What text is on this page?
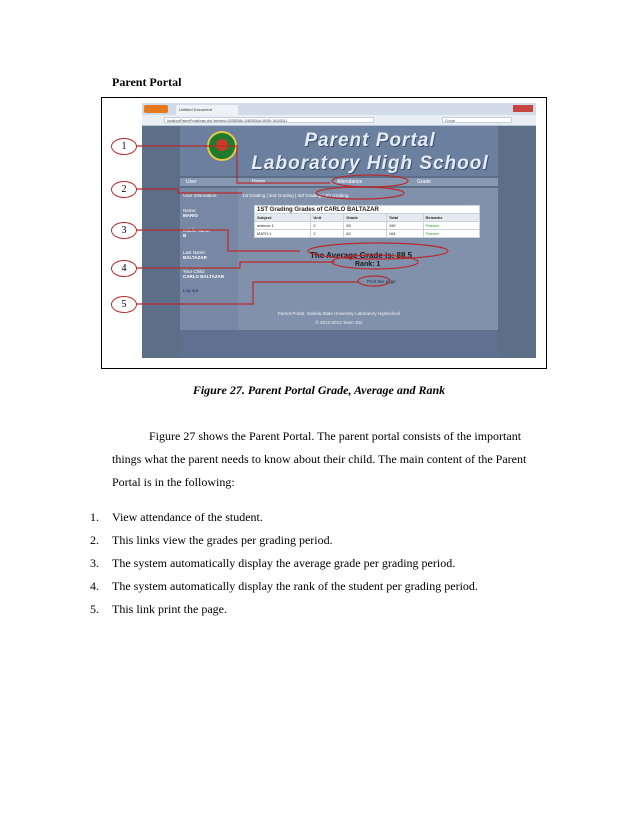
Parent Portal
Untitled Document
localhost/ParentPortal/main.php?selected=1BS8S8&f=16BS8S&id=1BS8=16L54D&1	Google
Parent Portal
Laboratory High School
User	Home	Attendance	Grade
User Information:
Name:
MARIO
Middle Name:
B
Last Name:
BALTAZAR
Your Child:
CARLO BALTAZAR
Log out
1st Grading | 2nd Grading | 3rd Grading | 4th Grading
1ST Grading Grades of CARLO BALTAZAR				
Subject	Unit	Grade	Total	Remarks
science 1	2	95	190	Passed
MATH 1	2	82	164	Passed
The Average Grade is: 88.5
Rank: 1
Print this page
Parent Portal. Isabela State University Laboratory Highschool
© 2012-2013 Team 302
1
2
3
4
5
Figure 27. Parent Portal Grade, Average and Rank
Figure 27 shows the Parent Portal. The parent portal consists of the important
things what the parent needs to know about their child. The main content of the Parent
Portal is in the following:
1. View attendance of the student.
2. This links view the grades per grading period.
3. The system automatically display the average grade per grading period.
4. The system automatically display the rank of the student per grading period.
5. This link print the page.
